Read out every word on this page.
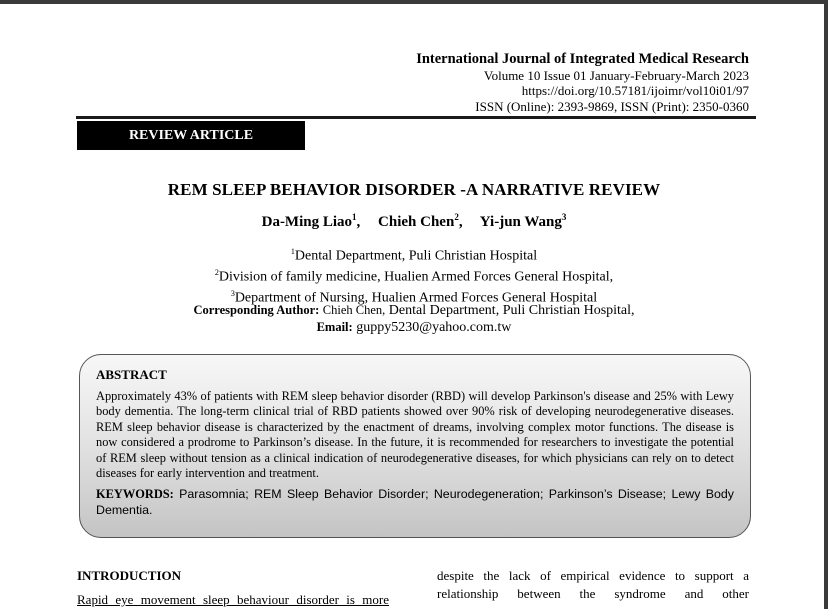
International Journal of Integrated Medical Research
Volume 10 Issue 01 January-February-March 2023
https://doi.org/10.57181/ijoimr/vol10i01/97
ISSN (Online): 2393-9869, ISSN (Print): 2350-0360
REVIEW ARTICLE
REM SLEEP BEHAVIOR DISORDER -A NARRATIVE REVIEW
Da-Ming Liao$^1$, Chieh Chen$^2$, Yi-jun Wang$^3$
$^1$Dental Department, Puli Christian Hospital
$^2$Division of family medicine, Hualien Armed Forces General Hospital,
$^3$Department of Nursing, Hualien Armed Forces General Hospital
Corresponding Author: Chieh Chen, Dental Department, Puli Christian Hospital,
Email: guppy5230@yahoo.com.tw
ABSTRACT
Approximately 43% of patients with REM sleep behavior disorder (RBD) will develop Parkinson's disease and 25% with Lewy body dementia. The long-term clinical trial of RBD patients showed over 90% risk of developing neurodegenerative diseases. REM sleep behavior disease is characterized by the enactment of dreams, involving complex motor functions. The disease is now considered a prodrome to Parkinson’s disease. In the future, it is recommended for researchers to investigate the potential of REM sleep without tension as a clinical indication of neurodegenerative diseases, for which physicians can rely on to detect diseases for early intervention and treatment.
KEYWORDS: Parasomnia; REM Sleep Behavior Disorder; Neurodegeneration; Parkinson’s Disease; Lewy Body Dementia.
INTRODUCTION
Rapid eye movement sleep behaviour disorder is more
despite the lack of empirical evidence to support a
relationship between the syndrome and other
